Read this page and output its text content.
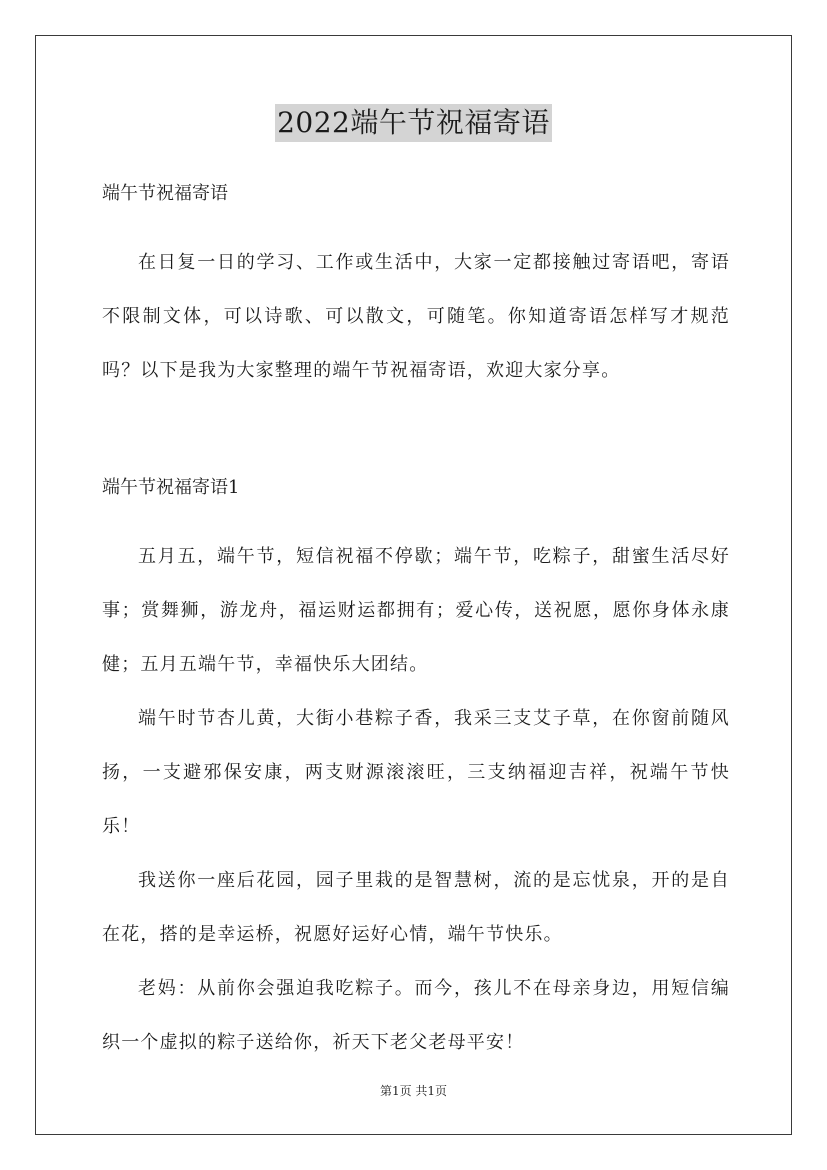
2022端午节祝福寄语
端午节祝福寄语

在日复一日的学习、工作或生活中，大家一定都接触过寄语吧，寄语不限制文体，可以诗歌、可以散文，可随笔。你知道寄语怎样写才规范吗？以下是我为大家整理的端午节祝福寄语，欢迎大家分享。

端午节祝福寄语1

五月五，端午节，短信祝福不停歇；端午节，吃粽子，甜蜜生活尽好事；赏舞狮，游龙舟，福运财运都拥有；爱心传，送祝愿，愿你身体永康健；五月五端午节，幸福快乐大团结。

端午时节杏儿黄，大街小巷粽子香，我采三支艾子草，在你窗前随风扬，一支避邪保安康，两支财源滚滚旺，三支纳福迎吉祥，祝端午节快乐！

我送你一座后花园，园子里栽的是智慧树，流的是忘忧泉，开的是自在花，搭的是幸运桥，祝愿好运好心情，端午节快乐。

老妈：从前你会强迫我吃粽子。而今，孩儿不在母亲身边，用短信编织一个虚拟的粽子送给你，祈天下老父老母平安！

第1页 共1页
